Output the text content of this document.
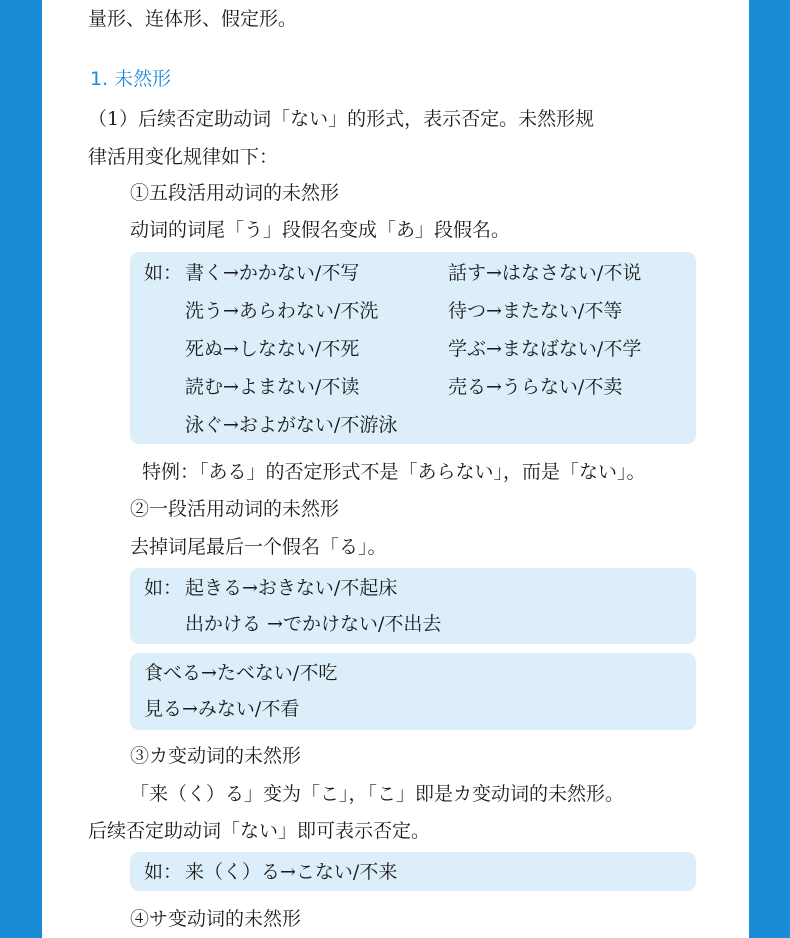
量形、连体形、假定形。
1. 未然形
（1）后续否定助动词「ない」的形式，表示否定。未然形规
律活用变化规律如下：
①五段活用动词的未然形
动词的词尾「う」段假名变成「あ」段假名。
如： 書く→かかない/不写	話す→はなさない/不说
洗う→あらわない/不洗	待つ→またない/不等
死ぬ→しなない/不死	学ぶ→まなばない/不学
読む→よまない/不读	売る→うらない/不卖
泳ぐ→およがない/不游泳
特例：「ある」的否定形式不是「あらない」，而是「ない」。
②一段活用动词的未然形
去掉词尾最后一个假名「る」。
如： 起きる→おきない/不起床
出かける →でかけない/不出去
食べる→たべない/不吃
見る→みない/不看
③カ变动词的未然形
「来（く）る」变为「こ」，「こ」即是カ变动词的未然形。
后续否定助动词「ない」即可表示否定。
如： 来（く）る→こない/不来
④サ变动词的未然形
